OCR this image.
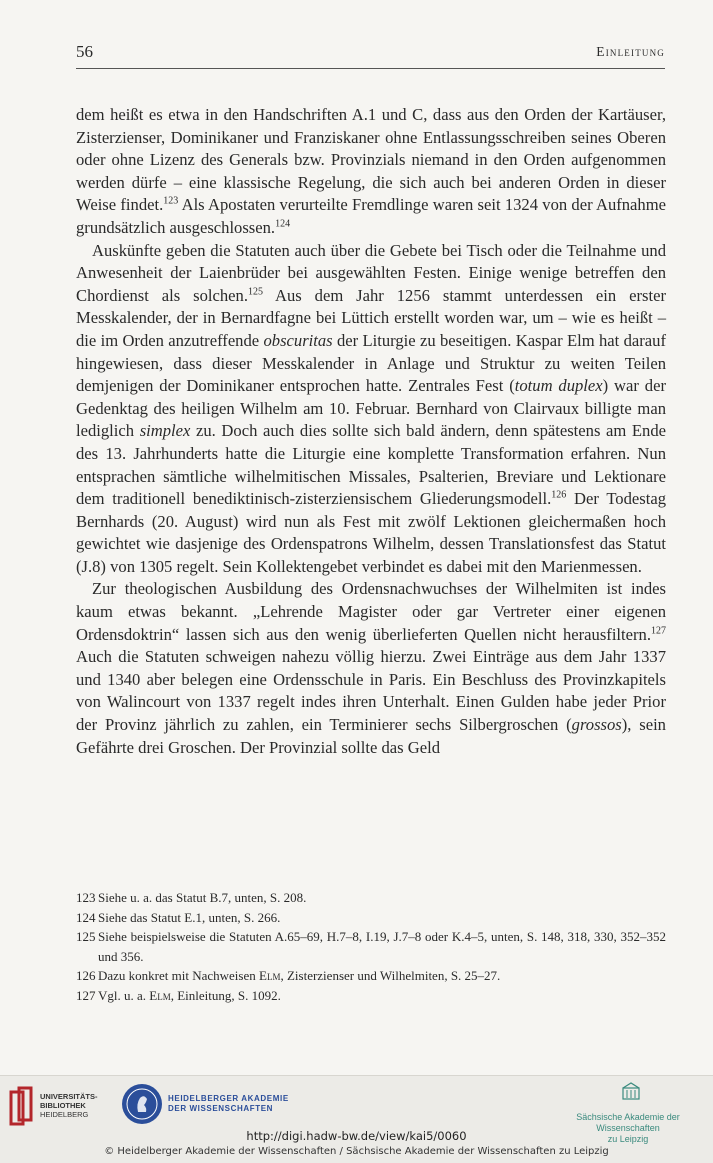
56	Einleitung

dem heißt es etwa in den Handschriften A.1 und C, dass aus den Orden der Kartäuser, Zisterzienser, Dominikaner und Franziskaner ohne Entlassungsschreiben seines Oberen oder ohne Lizenz des Generals bzw. Provinzials niemand in den Orden aufgenommen werden dürfe – eine klassische Regelung, die sich auch bei anderen Orden in dieser Weise findet.$^{123}$ Als Apostaten verurteilte Fremdlinge waren seit 1324 von der Aufnahme grundsätzlich ausgeschlossen.$^{124}$

Auskünfte geben die Statuten auch über die Gebete bei Tisch oder die Teilnahme und Anwesenheit der Laienbrüder bei ausgewählten Festen. Einige wenige betreffen den Chordienst als solchen.$^{125}$ Aus dem Jahr 1256 stammt unterdessen ein erster Messkalender, der in Bernardfagne bei Lüttich erstellt worden war, um – wie es heißt – die im Orden anzutreffende obscuritas der Liturgie zu beseitigen. Kaspar Elm hat darauf hingewiesen, dass dieser Messkalender in Anlage und Struktur zu weiten Teilen demjenigen der Dominikaner entsprochen hatte. Zentrales Fest (totum duplex) war der Gedenktag des heiligen Wilhelm am 10. Februar. Bernhard von Clairvaux billigte man lediglich simplex zu. Doch auch dies sollte sich bald ändern, denn spätestens am Ende des 13. Jahrhunderts hatte die Liturgie eine komplette Transformation erfahren. Nun entsprachen sämtliche wilhelmitischen Missales, Psalterien, Breviare und Lektionare dem traditionell benediktinisch-zisterziensischem Gliederungsmodell.$^{126}$ Der Todestag Bernhards (20. August) wird nun als Fest mit zwölf Lektionen gleichermaßen hoch gewichtet wie dasjenige des Ordenspatrons Wilhelm, dessen Translationsfest das Statut (J.8) von 1305 regelt. Sein Kollektengebet verbindet es dabei mit den Marienmessen.

Zur theologischen Ausbildung des Ordensnachwuchses der Wilhelmiten ist indes kaum etwas bekannt. „Lehrende Magister oder gar Vertreter einer eigenen Ordensdoktrin“ lassen sich aus den wenig überlieferten Quellen nicht herausfiltern.$^{127}$ Auch die Statuten schweigen nahezu völlig hierzu. Zwei Einträge aus dem Jahr 1337 und 1340 aber belegen eine Ordensschule in Paris. Ein Beschluss des Provinzkapitels von Walincourt von 1337 regelt indes ihren Unterhalt. Einen Gulden habe jeder Prior der Provinz jährlich zu zahlen, ein Terminierer sechs Silbergroschen (grossos), sein Gefährte drei Groschen. Der Provinzial sollte das Geld

123 Siehe u. a. das Statut B.7, unten, S. 208.
124 Siehe das Statut E.1, unten, S. 266.
125 Siehe beispielsweise die Statuten A.65–69, H.7–8, I.19, J.7–8 oder K.4–5, unten, S. 148, 318, 330, 352–352 und 356.
126 Dazu konkret mit Nachweisen Elm, Zisterzienser und Wilhelmiten, S. 25–27.
127 Vgl. u. a. Elm, Einleitung, S. 1092.
UNIVERSITÄTS-
BIBLIOTHEK
HEIDELBERG
HEIDELBERGER AKADEMIE
DER WISSENSCHAFTEN
Sächsische Akademie der Wissenschaften
zu Leipzig
http://digi.hadw-bw.de/view/kai5/0060
© Heidelberger Akademie der Wissenschaften / Sächsische Akademie der Wissenschaften zu Leipzig
